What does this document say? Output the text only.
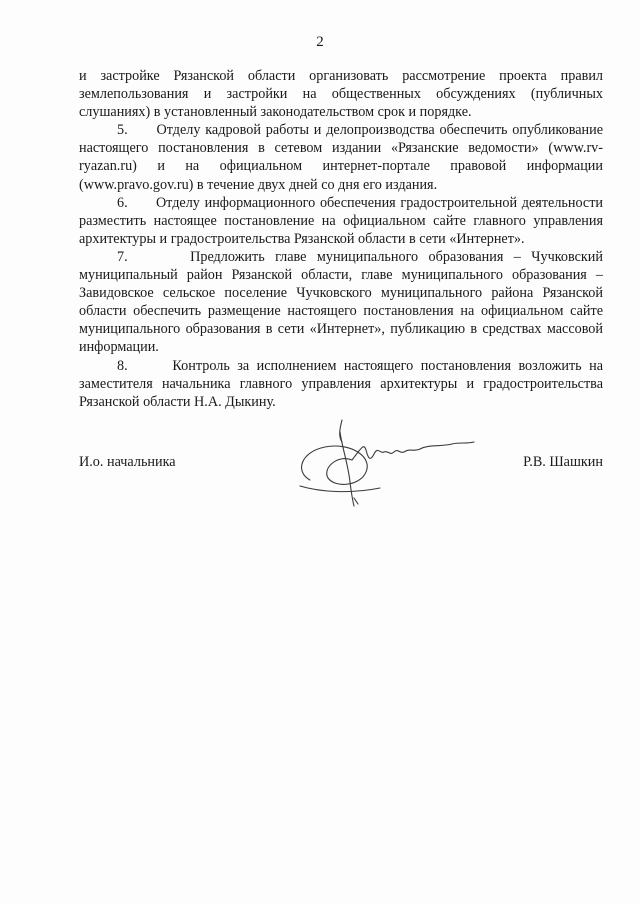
2

и застройке Рязанской области организовать рассмотрение проекта правил землепользования и застройки на общественных обсуждениях (публичных слушаниях) в установленный законодательством срок и порядке.

5. Отделу кадровой работы и делопроизводства обеспечить опубликование настоящего постановления в сетевом издании «Рязанские ведомости» (www.rv-ryazan.ru) и на официальном интернет-портале правовой информации (www.pravo.gov.ru) в течение двух дней со дня его издания.

6. Отделу информационного обеспечения градостроительной деятельности разместить настоящее постановление на официальном сайте главного управления архитектуры и градостроительства Рязанской области в сети «Интернет».

7.	Предложить главе муниципального образования – Чучковский муниципальный район Рязанской области, главе муниципального образования – Завидовское сельское поселение Чучковского муниципального района Рязанской области обеспечить размещение настоящего постановления на официальном сайте муниципального образования в сети «Интернет», публикацию в средствах массовой информации.

8.	Контроль за исполнением настоящего постановления возложить на заместителя начальника главного управления архитектуры и градостроительства Рязанской области Н.А. Дыкину.

И.о. начальника	Р.В. Шашкин
